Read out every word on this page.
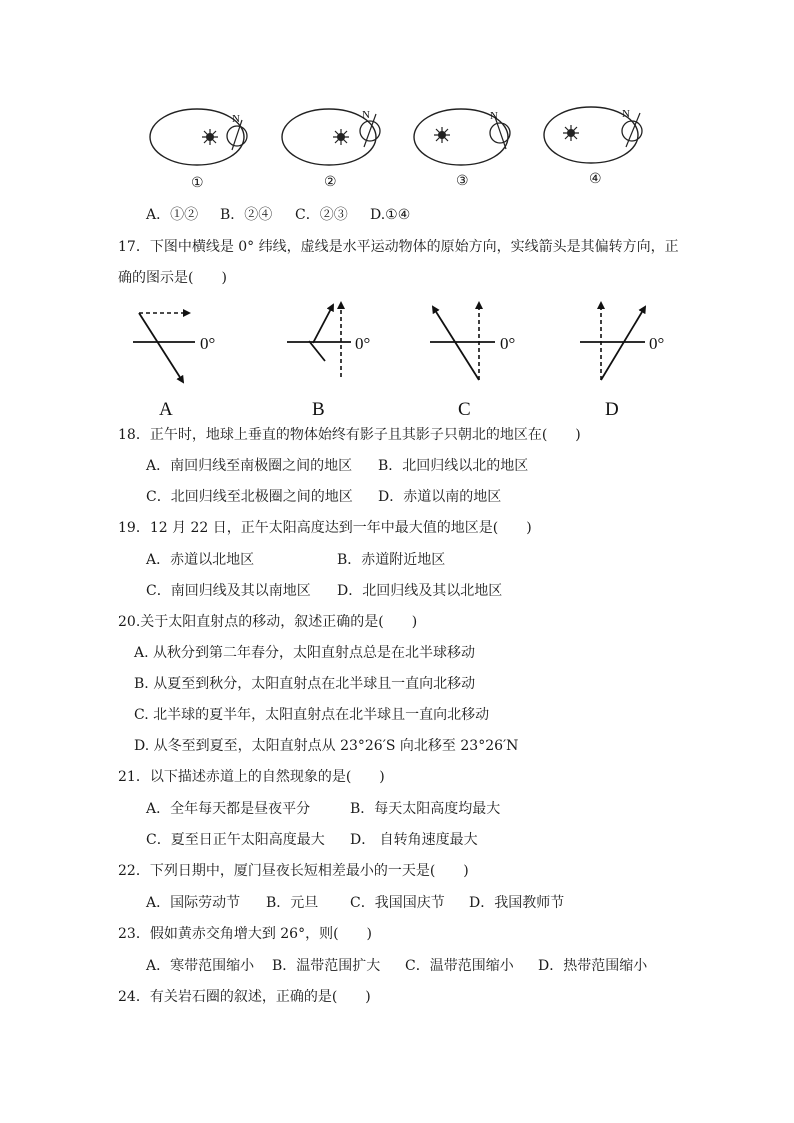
N	N	N	N
①	②	③	④
A．①② B．②④ C．②③ D.①④
17．下图中横线是 0° 纬线，虚线是水平运动物体的原始方向，实线箭头是其偏转方向，正
确的图示是(　　)
0°	0°	0°	0°
A	B	C	D
18．正午时，地球上垂直的物体始终有影子且其影子只朝北的地区在(　　)
A．南回归线至南极圈之间的地区 B．北回归线以北的地区
C．北回归线至北极圈之间的地区 D．赤道以南的地区
19．12 月 22 日，正午太阳高度达到一年中最大值的地区是(　　)
A．赤道以北地区	B．赤道附近地区
C．南回归线及其以南地区 D．北回归线及其以北地区
20.关于太阳直射点的移动，叙述正确的是(　　)
A. 从秋分到第二年春分，太阳直射点总是在北半球移动
B. 从夏至到秋分，太阳直射点在北半球且一直向北移动
C. 北半球的夏半年，太阳直射点在北半球且一直向北移动
D. 从冬至到夏至，太阳直射点从 23°26′S 向北移至 23°26′N
21．以下描述赤道上的自然现象的是(　　)
A．全年每天都是昼夜平分	B．每天太阳高度均最大
C．夏至日正午太阳高度最大 D． 自转角速度最大
22．下列日期中，厦门昼夜长短相差最小的一天是(　　)
A．国际劳动节 B．元旦 C．我国国庆节 D．我国教师节
23．假如黄赤交角增大到 26°，则(　　)
A．寒带范围缩小 B．温带范围扩大 C．温带范围缩小 D．热带范围缩小
24．有关岩石圈的叙述，正确的是(　　)
